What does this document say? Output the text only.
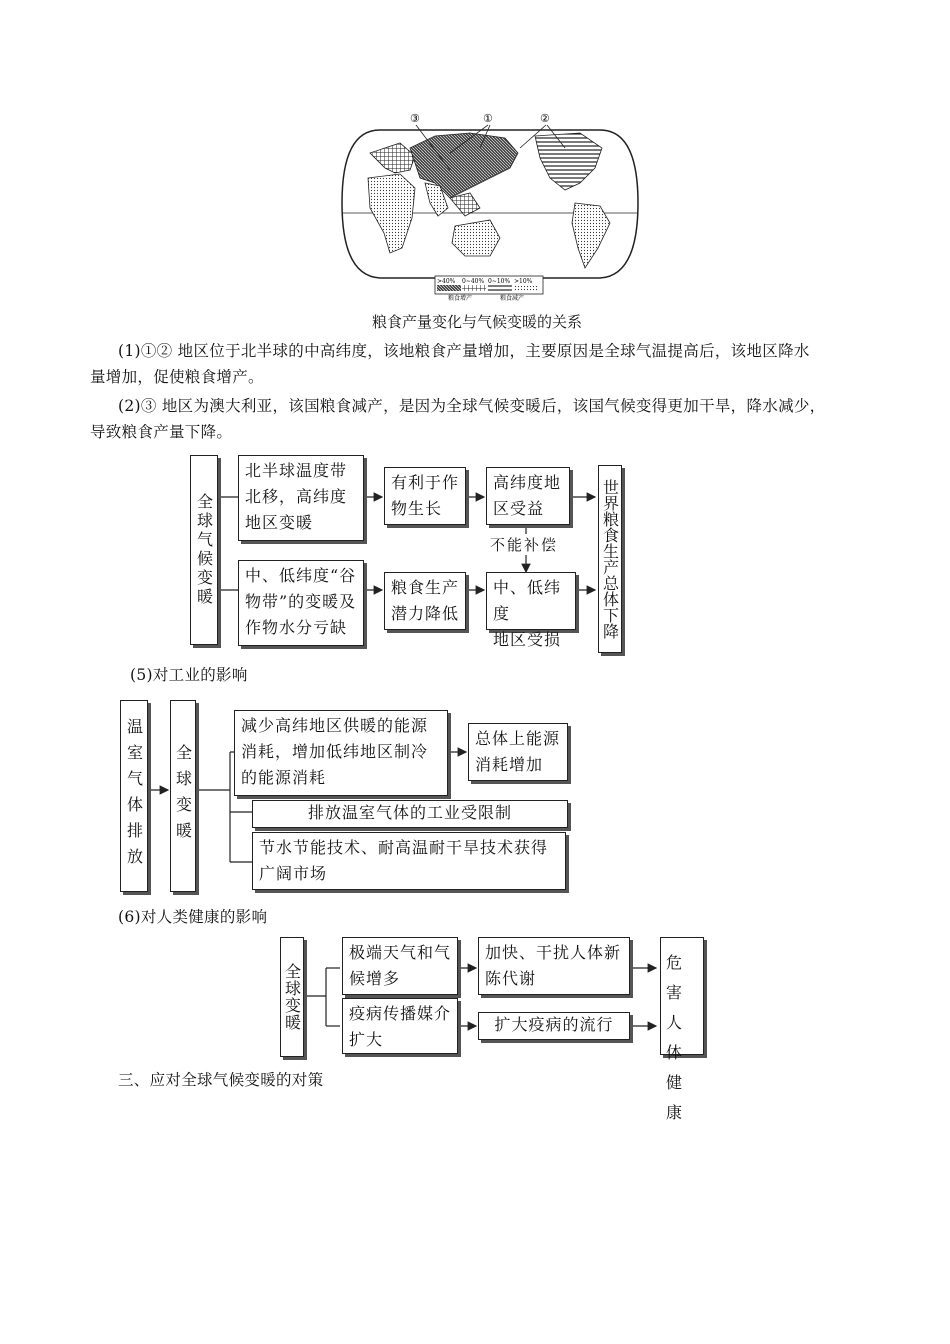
③	①	②
>40% 0~40% 0~10% >10%
粮食增产	粮食减产
粮食产量变化与气候变暖的关系
(1)①② 地区位于北半球的中高纬度，该地粮食产量增加，主要原因是全球气温提高后，该地区降水
量增加，促使粮食增产。
(2)③ 地区为澳大利亚，该国粮食减产，是因为全球气候变暖后，该国气候变得更加干旱，降水减少，
导致粮食产量下降。
全球气候变暖
北半球温度带
北移，高纬度
地区变暖
有利于作
物生长
高纬度地
区受益
不能补偿
中、低纬度“谷
物带”的变暖及
作物水分亏缺
粮食生产
潜力降低
中、低纬度
地区受损
世界粮食生产总体下降
(5)对工业的影响
温室气体排放 全球变暖
减少高纬地区供暖的能源
消耗，增加低纬地区制冷
的能源消耗
总体上能源
消耗增加
排放温室气体的工业受限制
节水节能技术、耐高温耐干旱技术获得
广阔市场
(6)对人类健康的影响
全球变暖
极端天气和气
候增多
加快、干扰人体新
陈代谢
疫病传播媒介
扩大
扩大疫病的流行
危害人体健康
三、应对全球气候变暖的对策
